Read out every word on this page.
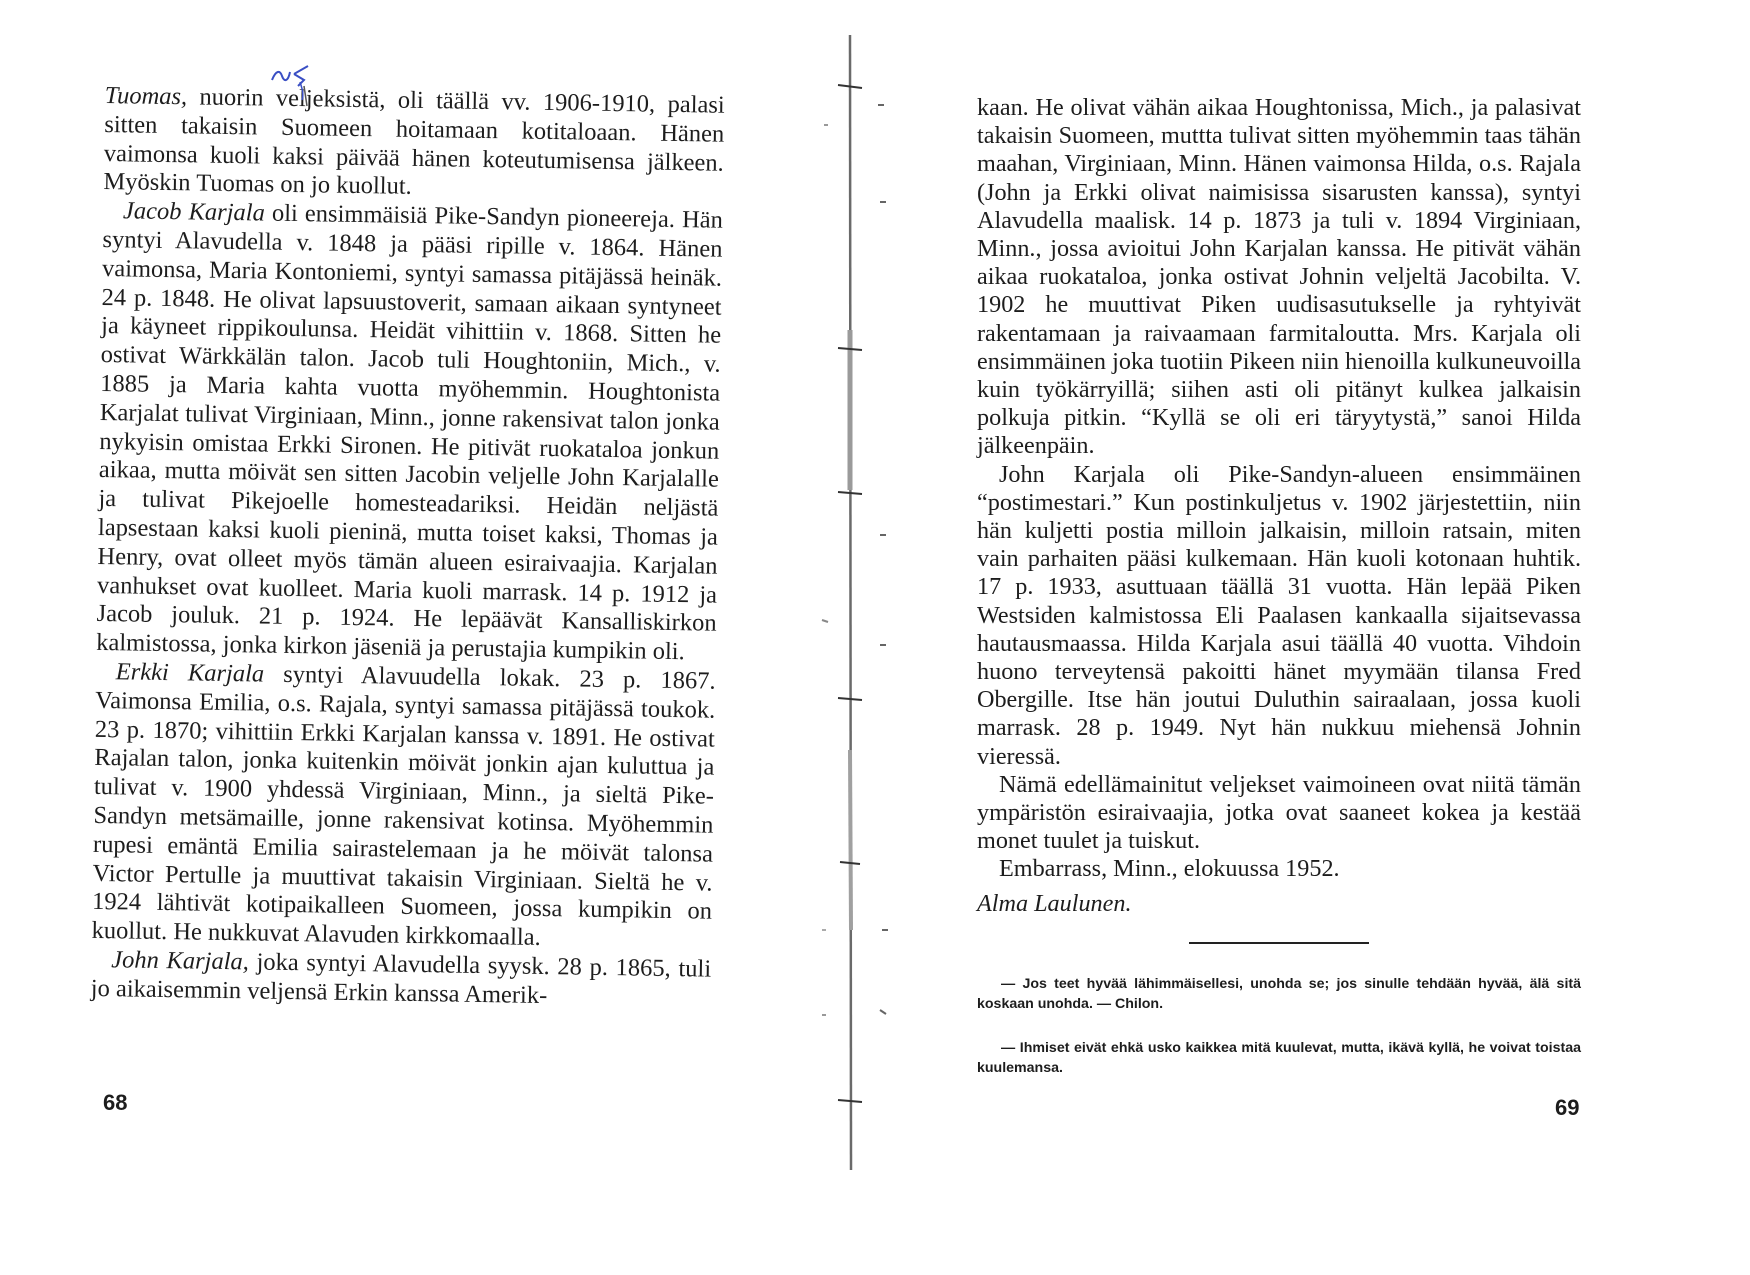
Tuomas, nuorin veljeksistä, oli täällä vv. 1906-1910, palasi sitten takaisin Suomeen hoitamaan kotitaloaan. Hänen vaimonsa kuoli kaksi päivää hänen koteutumisensa jälkeen. Myöskin Tuomas on jo kuollut.

Jacob Karjala oli ensimmäisiä Pike-Sandyn pioneereja. Hän syntyi Alavudella v. 1848 ja pääsi ripille v. 1864. Hänen vaimonsa, Maria Kontoniemi, syntyi samassa pitäjässä heinäk. 24 p. 1848. He olivat lapsuustoverit, samaan aikaan syntyneet ja käyneet rippikoulunsa. Heidät vihittiin v. 1868. Sitten he ostivat Wärkkälän talon. Jacob tuli Houghtoniin, Mich., v. 1885 ja Maria kahta vuotta myöhemmin. Houghtonista Karjalat tulivat Virginiaan, Minn., jonne rakensivat talon jonka nykyisin omistaa Erkki Sironen. He pitivät ruokataloa jonkun aikaa, mutta möivät sen sitten Jacobin veljelle John Karjalalle ja tulivat Pikejoelle homesteadariksi. Heidän neljästä lapsestaan kaksi kuoli pieninä, mutta toiset kaksi, Thomas ja Henry, ovat olleet myös tämän alueen esiraivaajia. Karjalan vanhukset ovat kuolleet. Maria kuoli marrask. 14 p. 1912 ja Jacob jouluk. 21 p. 1924. He lepäävät Kansalliskirkon kalmistossa, jonka kirkon jäseniä ja perustajia kumpikin oli.

Erkki Karjala syntyi Alavuudella lokak. 23 p. 1867. Vaimonsa Emilia, o.s. Rajala, syntyi samassa pitäjässä toukok. 23 p. 1870; vihittiin Erkki Karjalan kanssa v. 1891. He ostivat Rajalan talon, jonka kuitenkin möivät jonkin ajan kuluttua ja tulivat v. 1900 yhdessä Virginiaan, Minn., ja sieltä Pike-Sandyn metsämaille, jonne rakensivat kotinsa. Myöhemmin rupesi emäntä Emilia sairastelemaan ja he möivät talonsa Victor Pertulle ja muuttivat takaisin Virginiaan. Sieltä he v. 1924 lähtivät kotipaikalleen Suomeen, jossa kumpikin on kuollut. He nukkuvat Alavuden kirkkomaalla.

John Karjala, joka syntyi Alavudella syysk. 28 p. 1865, tuli jo aikaisemmin veljensä Erkin kanssa Amerik-

68

kaan. He olivat vähän aikaa Houghtonissa, Mich., ja palasivat takaisin Suomeen, muttta tulivat sitten myöhemmin taas tähän maahan, Virginiaan, Minn. Hänen vaimonsa Hilda, o.s. Rajala (John ja Erkki olivat naimisissa sisarusten kanssa), syntyi Alavudella maalisk. 14 p. 1873 ja tuli v. 1894 Virginiaan, Minn., jossa avioitui John Karjalan kanssa. He pitivät vähän aikaa ruokataloa, jonka ostivat Johnin veljeltä Jacobilta. V. 1902 he muuttivat Piken uudisasutukselle ja ryhtyivät rakentamaan ja raivaamaan farmitaloutta. Mrs. Karjala oli ensimmäinen joka tuotiin Pikeen niin hienoilla kulkuneuvoilla kuin työkärryillä; siihen asti oli pitänyt kulkea jalkaisin polkuja pitkin. “Kyllä se oli eri täryytystä,” sanoi Hilda jälkeenpäin.

John Karjala oli Pike-Sandyn-alueen ensimmäinen “postimestari.” Kun postinkuljetus v. 1902 järjestettiin, niin hän kuljetti postia milloin jalkaisin, milloin ratsain, miten vain parhaiten pääsi kulkemaan. Hän kuoli kotonaan huhtik. 17 p. 1933, asuttuaan täällä 31 vuotta. Hän lepää Piken Westsiden kalmistossa Eli Paalasen kankaalla sijaitsevassa hautausmaassa. Hilda Karjala asui täällä 40 vuotta. Vihdoin huono terveytensä pakoitti hänet myymään tilansa Fred Obergille. Itse hän joutui Duluthin sairaalaan, jossa kuoli marrask. 28 p. 1949. Nyt hän nukkuu miehensä Johnin vieressä.

Nämä edellämainitut veljekset vaimoineen ovat niitä tämän ympäristön esiraivaajia, jotka ovat saaneet kokea ja kestää monet tuulet ja tuiskut.

Embarrass, Minn., elokuussa 1952.

Alma Laulunen.

— Jos teet hyvää lähimmäisellesi, unohda se; jos sinulle tehdään hyvää, älä sitä koskaan unohda. — Chilon.
— Ihmiset eivät ehkä usko kaikkea mitä kuulevat, mutta, ikävä kyllä, he voivat toistaa kuulemansa.
69
